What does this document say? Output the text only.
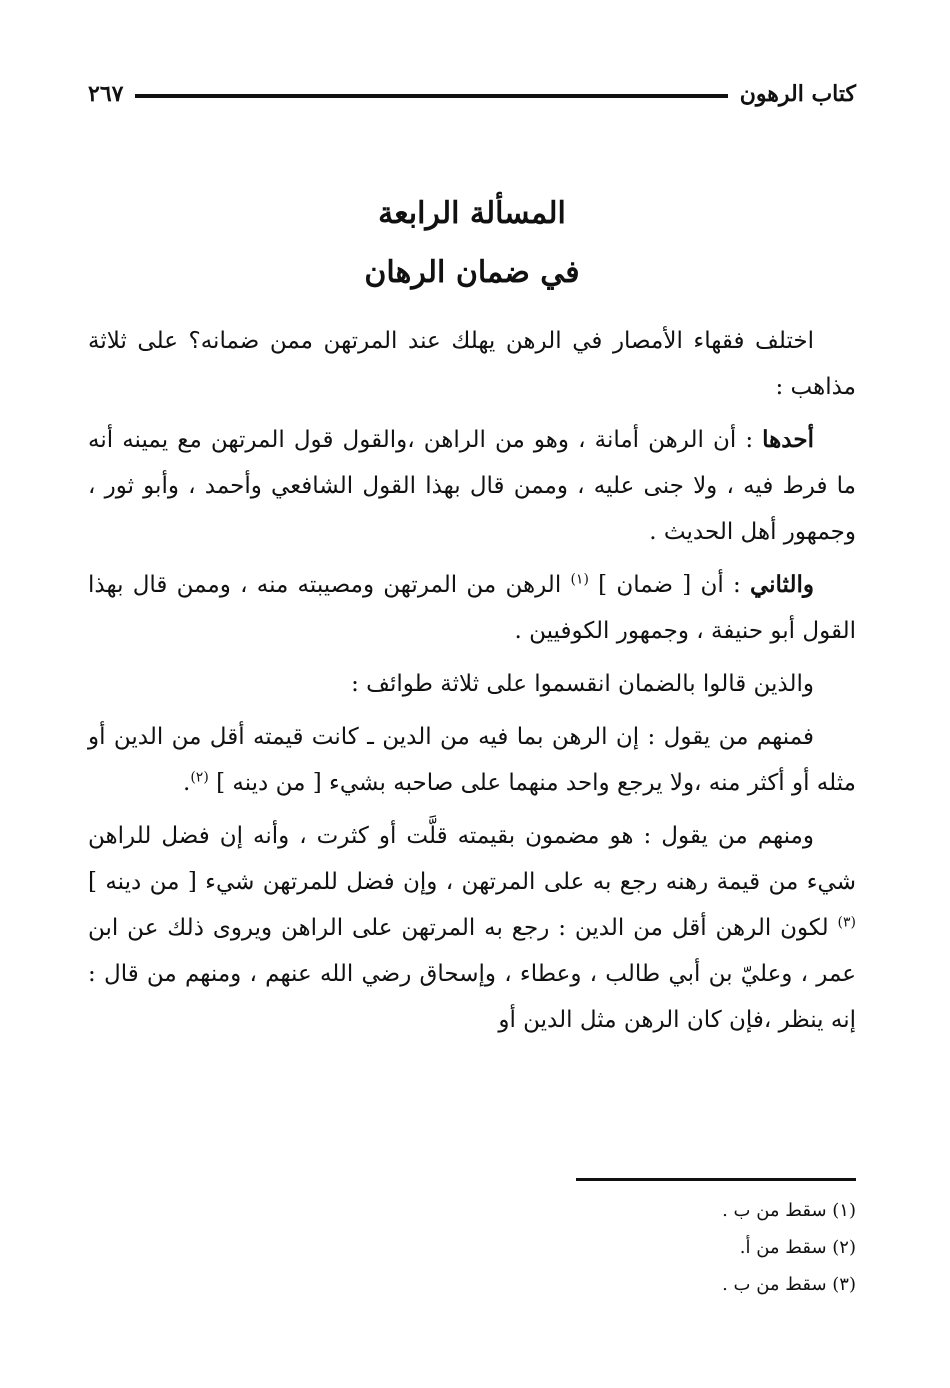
كتاب الرهون
٢٦٧
المسألة الرابعة
في ضمان الرهان

اختلف فقهاء الأمصار في الرهن يهلك عند المرتهن ممن ضمانه؟ على ثلاثة مذاهب :

أحدها : أن الرهن أمانة ، وهو من الراهن ،والقول قول المرتهن مع يمينه أنه ما فرط فيه ، ولا جنى عليه ، وممن قال بهذا القول الشافعي وأحمد ، وأبو ثور ، وجمهور أهل الحديث .

والثاني : أن [ ضمان ] $^{(١)}$ الرهن من المرتهن ومصيبته منه ، وممن قال بهذا القول أبو حنيفة ، وجمهور الكوفيين .

والذين قالوا بالضمان انقسموا على ثلاثة طوائف :

فمنهم من يقول : إن الرهن بما فيه من الدين ـ كانت قيمته أقل من الدين أو مثله أو أكثر منه ،ولا يرجع واحد منهما على صاحبه بشيء [ من دينه ] $^{(٢)}$.

ومنهم من يقول : هو مضمون بقيمته قلَّت أو كثرت ، وأنه إن فضل للراهن شيء من قيمة رهنه رجع به على المرتهن ، وإن فضل للمرتهن شيء [ من دينه ] $^{(٣)}$ لكون الرهن أقل من الدين : رجع به المرتهن على الراهن ويروى ذلك عن ابن عمر ، وعليّ بن أبي طالب ، وعطاء ، وإسحاق رضي الله عنهم ، ومنهم من قال : إنه ينظر ،فإن كان الرهن مثل الدين أو

(١) سقط من ب .
(٢) سقط من أ.
(٣) سقط من ب .
